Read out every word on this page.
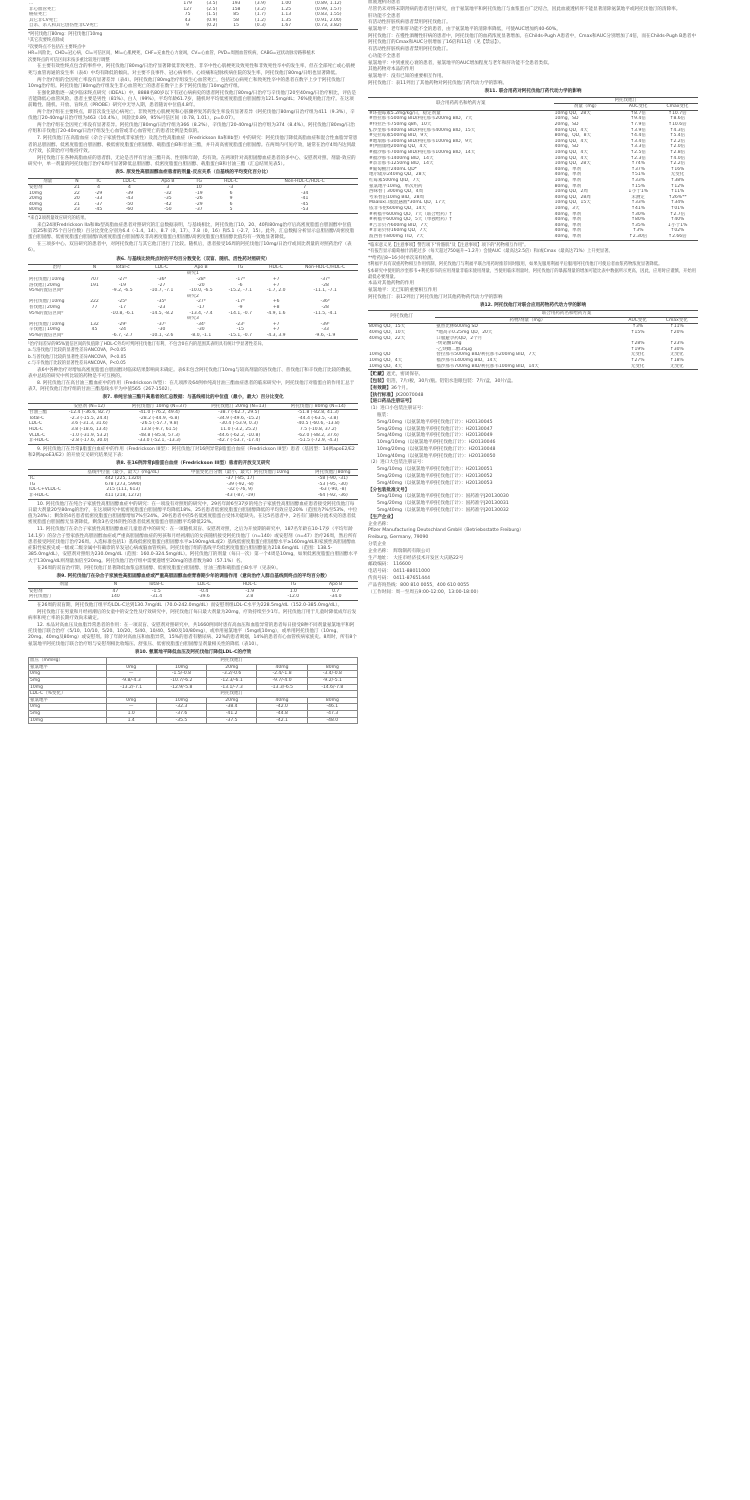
...	179	(3.5)	193	(3.9)	1.00	(0.89, 1.12)
非心血管死亡	127	(2.5)	158	(3.2)	1.25	(0.99, 1.57)
癌症死亡	75	(1.5)	85	(1.7)	1.13	(0.83, 1.55)
其它非CV死亡	43	(0.9)	58	(1.2)	1.35	(0.91, 2.00)
自杀、杀人和其它创伤性非CV死亡	9	(0.2)	15	(0.3)	1.67	(0.73, 3.82)

*阿托伐他汀80mg：阿托伐他汀10mg

¹其它次要终点除成

²次要终点不包括在主要终点中

HR=风险比，CHD=冠心病，CI=可信区间，MI=心肌梗死，CHF=充血性心力衰竭，CV=心血管，PVD=周围血管疾病，CABG=冠状动脉旁路移植术

次要终点的可信区间未按多重比较进行调整

在主要有效性终点包含的事件中，阿托伐他汀80mg/日治疗显著降低非致死性、非卒中性心肌梗死及致死性和非致死性卒中的发生率，但在全部死亡或心肌梗死与血管再通的发生率（表4）中均有降低的倾向。对主要不良事件、冠心病事件、心绞痛和冠脉疾病住院的发生率，阿托伐他汀80mg/日组也显著降低。

两个治疗组的全因死亡率没有显著差异（表4）。阿托伐他汀80mg治疗组发生心血管死亡，包括冠心病死亡和致死性卒中的患者在数字上少于阿托伐他汀10mg治疗组。阿托伐他汀80mg治疗组发生非心血管死亡的患者在数字上多于阿托伐他汀10mg治疗组。

在强化降脂逐一减少临床终点研究（IDEAL）中，8888名80岁以下有冠心病病史的患者阿托伐他汀80mg/日治疗与辛伐他汀20至40mg/日治疗相比，评估是否能降低心血管风险。患者主要是男性（81%）、白人（99%），平均年龄61.7岁，随机时平均低密度脂蛋白胆固醇为121.5mg/dL；76%使用他汀治疗。在这项前瞻性、随机、开放、盲终点（PROBE）研究中无导入期，患者随访中位值4.8年。

两个治疗组在主要终点，即首次发生冠心病死亡、非致死性心肌梗死和心脏骤停复苏的发生率没有显著差异（阿托伐他汀80mg/日治疗组为411（9.3%），辛伐他汀20-40mg/日治疗组为463（10.4%），风险比0.89，95%可信区间（0.78, 1.01），p=0.07）。

两个治疗组在全因死亡率没有显著差异。阿托伐他汀80mg/日治疗组为366（8.2%），辛伐他汀20-40mg/日治疗组为374（8.4%）。阿托伐他汀80mg/日治疗组和辛伐他汀20-40mg/日治疗组发生心血管或非心血管死亡的患者比例是类似的。

7. 阿托伐他汀在高脂血症（杂合子家族性或非家族性）及混合性高脂血症（Fredrickson IIa和IIb型）中的研究：阿托伐他汀降低高脂血症和混合性血脂异常患者的总胆固醇、低密度脂蛋白胆固醇、极低密度脂蛋白胆固醇、载脂蛋白B和甘油三酯，并升高高密度脂蛋白胆固醇。在两周内可见疗效，通常在治疗4周内达到最大疗效，长期治疗可维持疗效。

阿托伐他汀在各种高脂血症的患者群，无论是否伴有甘油三酯升高、性别和年龄，均有效。在两项针对高胆固醇血症患者的多中心、安慰剂对照、剂量-效应的研究中，单一剂量的阿托伐他汀治疗6周可显著降低总胆固醇、低密度脂蛋白胆固醇、载脂蛋白B和甘油三酯（汇总结果见表5）。

表5. 原发性高胆固醇血症患者的剂量-反应关系（自基线的平均变化百分比）
剂量	N	TC	LDL-C	Apo B	TG	HDL-C	Non-HDL-C/HDL-C
安慰剂	21	4	4	3	10	-3	7
10mg	22	-29	-39	-32	-19	6	-34
20mg	20	-33	-43	-35	-26	9	-41
40mg	21	-37	-50	-42	-29	6	-45
80mg	23	-45	-60	-50	-37	5	-53

*来自2项剂量效应研究的结果。

来自24项Fredrickson IIa和IIb型高脂血症患者对照研究的汇总数据表明，与基线相比，阿托伐他汀10、20、40和80mg治疗后高密度脂蛋白胆固醇中位值（第25和第75个百分位数）百分比变化分别为6.4（-1.4，14）、8.7（0，17）、7.8（0，16）和5.1（-2.7，15）。此外，汇总数据分析显示总胆固醇/高密度脂蛋白胆固醇、低密度脂蛋白胆固醇/高密度脂蛋白胆固醇及非高密度脂蛋白胆固醇/高密度脂蛋白胆固醇比值均有一致地显著降低。

在三项多中心、双盲研究的患者中，对阿托伐他汀与其它他汀进行了比较。随机后，患者接受16周的阿托伐他汀10mg/日治疗或同比剂量的对照药治疗（表6）。

表6. 与基线比较终点时的平均百分数变化（双盲、随机、活性药对照研究）
治疗	N	Total-c	LDL-C	Apo B	TG	HDL-C	Non-HDL-C/HDL-C
研究1							
阿托伐他汀10mg	707	-27ᵃ	-36ᵃ	-28ᵃ	-17ᵃ	+7	-37ᵃ
洛伐他汀20mg	191	-19	-27	-20	-6	+7	-28
95%的置信区间ᵇ		-9.2, -6.5	-10.7, -7.1	-10.0, -6.5	-15.2, -7.1	-1.7, 2.0	-11.1, -7.1
研究2							
阿托伐他汀10mg	222	-25ᵇ	-35ᵇ	-27ᵇ	-17ᵇ	+6	-36ᵇ
普伐他汀20mg	77	-17	-23	-17	-9	+8	-28
95%的置信区间ᵇ		-10.8, -6.1	-14.5, -8.2	-13.4, -7.4	-14.1, -0.7	-4.9, 1.6	-11.5, -4.1
研究3							
阿托伐他汀10mg	132	-29ᶜ	-37ᶜ	-34ᶜ	-23ᶜ	+7	-39ᶜ
辛伐他汀10mg	45	-24	-30	-30	-15	+7	-33
95%的置信区间ᵇ		-6.7, -2.7	-10.1, -2.6	-8.0, -1.1	-15.1, -0.7	-4.3, 3.9	-9.6, -1.9

¹治疗间差异的95%置信区间的负值除了HDL-C外均可判阿托伐他汀有利，不包含0在内的范围其表明具有统计学显著性差异。

a.与洛伐他汀比较的显著性差异ANCOVA，P<0.05

b.与普伐他汀比较的显著性差异ANCOVA，P<0.05

c.与辛伐他汀比较的显著性差异ANCOVA，P<0.05

表6中各种治疗对增加高密度脂蛋白胆固醇对临床结果影响尚未确定。表6未包含阿托伐他汀10mg与较高剂量的洛伐他汀、普伐他汀和辛伐他汀比较的数据，表中总结的研究中所比较的药物是不可互换的。

8. 阿托伐他汀在高甘油三酯血症中的作用（Fredrickson IV型）：在几项涉及64例单纯高甘油三酯血症患者的临床研究中，阿托伐他汀对脂蛋白的作用汇总于表7。阿托伐他汀治疗组的甘油三酯基线水平为中值565（267-1502）。

表7. 单纯甘油三酯升高患者的汇总数据：与基线相比的中位值（最小，最大）百分比变化
	安慰剂 (N=12)	阿托伐他汀 10mg (N=37)	阿托伐他汀 20mg (N=13)	阿托伐他汀 80mg (N=14)
甘油三酯	-12.4 (-36.6, 82.7)	-41.0 (-76.2, 49.4)	-38.7 (-62.7, 29.5)	-51.8 (-82.8, 41.3)
Total-C	-2.3 (-15.5, 24.4)	-28.2 (-44.9, -6.8)	-34.9 (-49.6, -15.2)	-44.4 (-63.5, -3.8)
LDL-C	3.6 (-31.3, 31.6)	-26.5 (-57.7, 9.8)	-30.4 (-53.9, 0.3)	-40.5 (-60.6, -13.8)
HDL-C	3.8 (-18.6, 13.4)	13.8 (-9.7, 61.5)	11.0 (-3.2, 25.2)	7.5 (-10.8, 37.2)
VLDL-C	-1.0 (-31.9, 53.2)	-48.8 (-85.8, 57.3)	-44.6 (-62.2, -10.8)	-62.0 (-88.2, 37.6)
非-HDL-C	-2.8 (-17.6, 30.0)	-33.0 (-52.1, -13.3)	-42.7 (-53.7, -17.4)	-51.5 (-72.9, -4.3)

9. 阿托伐他汀在异常β脂蛋白血症中的作用（Fredrickson III型）：阿托伐他汀对16例异常β脂蛋白血症（Fredrickson III型）患者（基因型：14例apoE2/E2和2例apoE3/E2）的开放交叉研究结果见下表：

表8. 在16例异常β脂蛋白血症（Fredrickson III型）患者的开放交叉研究
	基线中位值（最小，最大）(mg/dL)	中值变化百分数（最小，最大）阿托伐他汀10mg	阿托伐他汀80mg
TC	442 (225, 1320)	-37 (-85, 17)	-58 (-90, -31)
TG	678 (273, 5990)	-39 (-92, -8)	-53 (-95, -30)
IDL-C+VLDL-C	215 (111, 613)	-32 (-76, 9)	-63 (-90, -8)
非-HDL-C	411 (218, 1272)	-43 (-87, -19)	-64 (-92, -36)

10. 阿托伐他汀在纯合子家族性高胆固醇血症中的研究：在一项没有对照组的研究中，29名年龄6至37岁的纯合子家族性高胆固醇血症患者接受阿托伐他汀每日最大剂量20至80mg的治疗，在这项研究中低密度脂蛋白胆固醇平均降低18%。25名患者低密度脂蛋白胆固醇降低的平均效应是20%（范围为7%至53%，中位值为24%）；剩余的4名患者低密度脂蛋白胆固醇增加7%至24%。29名患者中的5名低密度脂蛋白受体功能缺失。在这5名患者中，2名有门静脉分流术史的患者低密度脂蛋白胆固醇无显著降低。剩余3名受体阴性的患者低密度脂蛋白胆固醇平均降低22%。

11. 阿托伐他汀在杂合子家族性高胆固醇血症儿童患者中的研究：在一项随机双盲、安慰剂对照，之后为开放期的研究中，187名年龄在10-17岁（平均年龄14.1岁）的杂合子型家族性高胆固醇血症或严重高胆固醇血症的男孩和月经初潮后的女孩随机接受阿托伐他汀（n=140）或安慰剂（n=47）治疗26周，然后所有患者接受阿托伐他汀治疗26周。入选标准包括1）基线低密度脂蛋白胆固醇水平≥190mg/dL或2）基线低密度脂蛋白胆固醇水平≥160mg/dL和家族性高胆固醇血症阳性家族史或一级或二级亲属中有确诊的早发冠心病或脑血管疾病。阿托伐他汀组的基线平均低密度脂蛋白胆固醇值为218.6mg/dL（范围：138.5-385.0mg/dL），安慰剂对照组为230.0mg/dL（范围：160.0-324.5mg/dL）。阿托伐他汀的剂量（每日一次）第一个4周是10mg，如果低密度脂蛋白胆固醇水平大于130mg/dL则剂量加倍至20mg。阿托伐他汀治疗组中需要递增至20mg的患者数为80（57.1%）名。

在26周的双盲治疗期，阿托伐他汀显著降低血浆总胆固醇、低密度脂蛋白胆固醇、甘油三酯和载脂蛋白B水平（见表9）。

表9. 阿托伐他汀在杂合子家族性高胆固醇血症或严重高胆固醇血症青春期少年的调脂作用（意向治疗人群自基线到终点的平均百分数）
剂量	N	Total-C	LDL-C	HDL-C	TG	Apo B
安慰剂	47	-1.5	-0.4	-1.9	1.0	0.7
阿托伐他汀	140	-31.4	-39.6	2.8	-12.0	-34.0

在26周的双盲期，阿托伐他汀组平均LDL-C达到130.7mg/dL（70.0-242.0mg/dL）而安慰剂组LDL-C水平为228.5mg/dL（152.0-385.0mg/dL）。

阿托伐他汀在男童和月经初潮后的女童中的安全性及疗效研究中，阿托伐他汀每日最大剂量为20mg，疗效持续至少1年。阿托伐他汀用于儿童时降低成年后发病率和死亡率的长期疗效尚未确定。

12. 本品对高血压及血脂异常患者的作用：在一项双盲、安慰剂对照研究中，共1660例同时患有高血压和血脂异常的患者每日接受8种不同剂量氨氯地平和阿托伐他汀联合治疗（5/10、10/10、5/20、10/20、5/40、10/40、5/80及10/80mg），或单用氨氯地平（5mg或10mg），或单用阿托伐他汀（10mg、20mg、40mg及80mg）或安慰剂。除了年龄对高血压和血脂异常，15%的患者有糖尿病、22%的患者吸烟，14%的患者有心血管疾病家族史。8周时，所有8个氨氯地平阿托伐他汀联合治疗组与安慰剂相比收缩压、舒张压、低密度脂蛋白胆固醇呈剂量相关性的降低（表10）。

表10. 氨氯地平降低血压及阿托伐他汀降低LDL-C的疗效
血压（mmHg）	阿托伐他汀				
氨氯地平	0mg	10mg	20mg	40mg	80mg
0mg	—	-1.5/-0.8	-3.2/-0.6	-2.4/-1.8	-3.4/-0.8
5mg	-9.8/-4.3	-10.7/-6.2	-12.3/-6.1	-9.7/-4.0	-9.2/-5.1
10mg	-13.2/-7.1	-12.9/-5.8	-13.1/-7.3	-13.3/-6.5	-14.6/-7.8
LDL-C（%变化）	阿托伐他汀				
氨氯地平	0mg	10mg	20mg	40mg	80mg
0mg	—	-32.3	-38.4	-42.0	-46.1
5mg	1.0	-37.6	-41.2	-44.8	-47.3
10mg	1.4	-35.5	-37.5	-42.1	-48.0

血液透析的患者

尽管仍未对终末期肾病的患者进行研究，由于氨氯地平和阿托伐他汀与血浆蛋白广泛结合，因此血液透析将不能显著清除氨氯地平或阿托伐他汀的清除率。

肝功能不全患者

有活动性肝脏疾病患者禁用阿托伐他汀。

氨氯地平：老年和肝功能不全的患者，由于氨氯地平的清除率降低，可使AUC增加约40-60%。

阿托伐他汀：在慢性酒精性肝病的患者中，阿托伐他汀的血药浓度显著增加。在Childs-Pugh A患者中，Cmax和AUC分别增加了4倍，而在Childs-Pugh B患者中阿托伐他汀的Cmax和AUC分别增加了16倍和11倍（见【禁忌】）。

有活动性肝脏疾病患者禁用阿托伐他汀。

心功能不全患者

氨氯地平：中到重度心衰的患者，氨氯地平的AUC增加程度与老年和肝功能不全患者类似。

其他药物对本品的作用

氨氯地平：没有已知的重要相互作用。

阿托伐他汀：表11列出了其他药物对阿托伐他汀药代动力学的影响。

表11. 联合用药对阿托伐他汀药代动力学的影响
联合用药药名和给药方案	阿托伐他汀		
	剂量（mg）	AUC变化	Cmax变化
#环孢霉素5.2mg/kg/日，稳定剂量	10mg QD，28天	↑8.7倍	↑10.7倍
#替拉那韦500mg BID/利托那韦200mg BID，7天	10mg，SD	↑9.4倍	↑8.6倍
#特拉匹韦750mg q8h，10天	20mg，SD	↑7.9倍	↑10.6倍
§,沙奎那韦400mg BID/利托那韦400mg BID，15天	40mg QD，4天	↑3.9倍	↑4.3倍
#克拉霉素500mg BID，9天	80mg，QD，8天	↑4.4倍	↑5.4倍
#地瑞那韦300mg BID/利托那韦100mg BID，9天	10mg QD，4天	↑3.4倍	↑2.2倍
#伊曲康唑200mg QD，4天	40mg，SD	↑3.3倍	↑2.0倍
#福沙那韦700mg BID/利托那韦100mg BID，14天	10mg QD，4天	↑2.5倍	↑2.8倍
#福沙那韦1400mg BID，14天	10mg QD，4天	↑2.3倍	↑4.0倍
#奈非那韦1250mg BID，14天	10mg QD，28天	↑74%	↑2.2倍
#葡萄柚汁240mL QD*	40mg，单剂	↑37%	↑16%
地尔硫卓240mg QD，28天	40mg，单剂	↑51%	无变化
红霉素500mg QID，7天	10mg，单剂	↑33%	↑38%
氨氯地平10mg，单次用药	80mg，单剂	↑15%	↑12%
西咪替丁300mg QD，4周	10mg QD，2周	↓小于1%	↑11%
考来替泊10mg BID，28周	40mg QD，28周	未测定	↑26%**
Maalox口服混悬液*30mL QD，17天	10mg QD，15天	↑33%	↑34%
依非韦伦600mg QD，14天	10mg，3天	↑41%	↑01%
#利福平600mg QD，7天（联合给药）†	40mg，单剂	↑30%	↑2.7倍
#利福平600mg QD，5天（单独给药）†	40mg，单剂	↑80%	↑40%
#吉非贝齐600mg BID，7天	40mg，单剂	↑35%	↓小于1%
#非诺贝特160mg QD，7天	40mg，单剂	↑3%	↑02%
波西普韦800mg TID，7天	40mg，单剂	↑2.30倍	↑2.66倍

*临床意义见【注意事项】警告项下"骨骼肌"及【注意事项】项下的"药物相互作用"。

*有报告显示葡萄柚汁消耗过多（每天超过750毫升~1.2升）会使AUC（最高达2.5倍）和/或Cmax（最高达71%）上升更显著。

**给药后8~16小时单次采样检测。

†利福平具有双重药物相互作用机制，阿托伐他汀与利福平联合用药时推荐同时服用，如果先服用利福平后服用阿托伐他汀可使后者血浆药物浓度显著降低。

§本研究中使用的沙奎那韦+利托那韦的应用剂量非临床使用剂量，当使用临床剂量时，阿托伐他汀的暴露剂量的增加可能比表中数据所示更高，因此，应用时应谨慎，开始用最低必要剂量。

本品对其他药物的作用

氨氯地平：无已知的重要相互作用

阿托伐他汀：表12列出了阿托伐他汀对其他药物药代动力学的影响

表12. 阿托伐他汀对联合应用药物药代动力学的影响
阿托伐他汀	联合用药药名和给药方案		
	药物/剂量（mg）	AUC变化	Cmax变化
80mg QD，15天	氨替比林600mg SD	↑3%	↑11%
40mg QD，10天	*地高辛0.25mg QD，20天	↑15%	↑20%
40mg QD，22天	口服避孕药QD，2个月		
	-炔诺酮1mg	↑28%	↑23%
	-乙炔雌二醇35μg	↑19%	↑30%
10mg QD	替拉那韦500mg BID/利托那韦200mg BID，7天	无变化	无变化
10mg QD，4天	福沙那韦1400mg BID，14天	↑27%	↑18%
10mg QD，4天	福沙那韦700mg BID/利托那韦100mg BID，14天	无变化	无变化

【贮藏】遮光，密闭保存。

【包装】铝箔，7片/板，30片/瓶。铝铝水泡眼包装：7片/盒，30片/盒。

【有效期】36个月。

【执行标准】JX20070048

【进口药品注册证号】

（1）进口小包装注册证号：

瓶装：

5mg/10mg（以氨氯地平/阿托伐他汀计）：H20130045

5mg/20mg（以氨氯地平/阿托伐他汀计）：H20130047

5mg/40mg（以氨氯地平/阿托伐他汀计）：H20130049

10mg/10mg（以氨氯地平/阿托伐他汀计）：H20130046

10mg/20mg（以氨氯地平/阿托伐他汀计）：H20130048

10mg/40mg（以氨氯地平/阿托伐他汀计）：H20130050

（2）进口大包装注册证号：

5mg/10mg（以氨氯地平/阿托伐他汀计）：H20130051

5mg/20mg（以氨氯地平/阿托伐他汀计）：H20130052

5mg/40mg（以氨氯地平/阿托伐他汀计）：H20130053

【分包装批准文号】

5mg/10mg（以氨氯地平/阿托伐他汀计）：国药准字J20130030

5mg/20mg（以氨氯地平/阿托伐他汀计）：国药准字J20130031

5mg/40mg（以氨氯地平/阿托伐他汀计）：国药准字J20130032

【生产企业】

企业名称：

Pfizer Manufacturing Deutschland GmbH（Betriebsstatte Freiburg）

Freiburg, Germany, 79090

分装企业

企业名称：　辉瑞制药有限公司

生产地址：　大连市经济技术开发区大庆路22号

邮政编码：　116600

电话号码：　0411-88011000

传真号码：　0411-87651444

产品咨询热线：800 810 0055，400 610 0055

（工作时间：周一至周五9:00-12:00，13:00-18:00）
